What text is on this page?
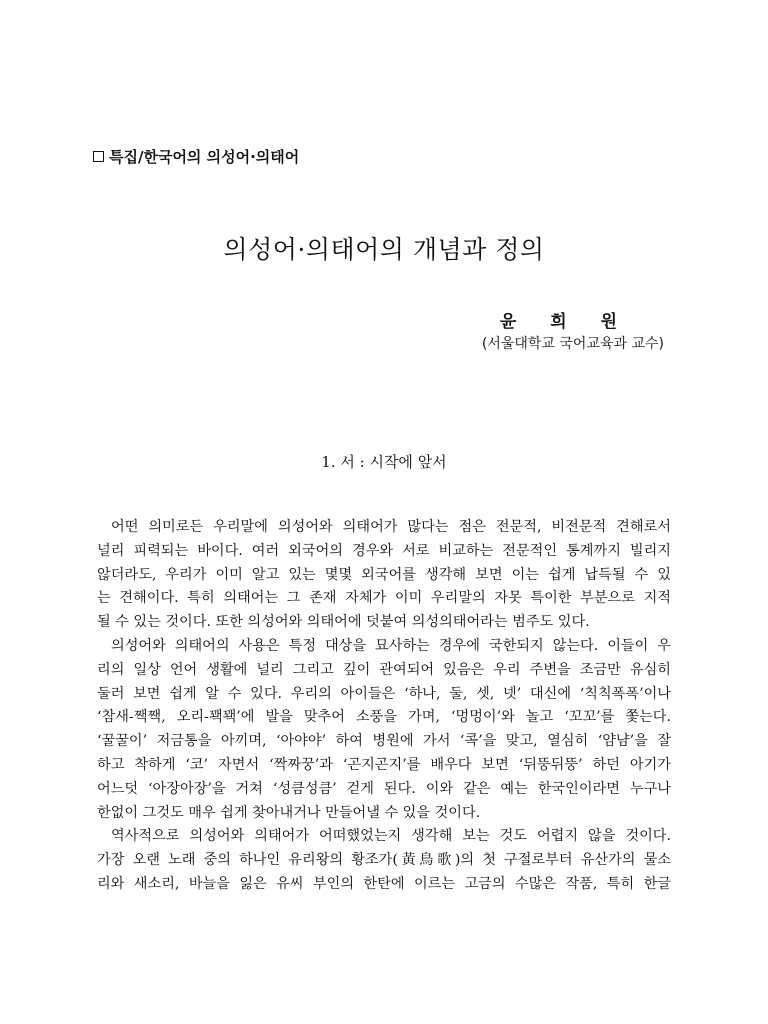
특집/한국어의 의성어·의태어
의성어·의태어의 개념과 정의
윤 희 원
(서울대학교 국어교육과 교수)
1. 서 : 시작에 앞서
어떤 의미로든 우리말에 의성어와 의태어가 많다는 점은 전문적, 비전문적 견해로서
널리 피력되는 바이다. 여러 외국어의 경우와 서로 비교하는 전문적인 통계까지 빌리지
않더라도, 우리가 이미 알고 있는 몇몇 외국어를 생각해 보면 이는 쉽게 납득될 수 있
는 견해이다. 특히 의태어는 그 존재 자체가 이미 우리말의 자못 특이한 부분으로 지적
될 수 있는 것이다. 또한 의성어와 의태어에 덧붙여 의성의태어라는 범주도 있다.
의성어와 의태어의 사용은 특정 대상을 묘사하는 경우에 국한되지 않는다. 이들이 우
리의 일상 언어 생활에 널리 그리고 깊이 관여되어 있음은 우리 주변을 조금만 유심히
둘러 보면 쉽게 알 수 있다. 우리의 아이들은 ‘하나, 둘, 셋, 넷’ 대신에 ‘칙칙폭폭’이나
‘참새-짹짹, 오리-꽥꽥’에 발을 맞추어 소풍을 가며, ‘멍멍이’와 놀고 ‘꼬꼬’를 쫓는다.
‘꿀꿀이’ 저금통을 아끼며, ‘아야야’ 하여 병원에 가서 ‘콕’을 맞고, 열심히 ‘얌냠’을 잘
하고 착하게 ‘코’ 자면서 ‘짝짜꿍’과 ‘곤지곤지’를 배우다 보면 ‘뒤뚱뒤뚱’ 하던 아기가
어느덧 ‘아장아장’을 거쳐 ‘성큼성큼’ 걷게 된다. 이와 같은 예는 한국인이라면 누구나
한없이 그것도 매우 쉽게 찾아내거나 만들어낼 수 있을 것이다.
역사적으로 의성어와 의태어가 어떠했었는지 생각해 보는 것도 어렵지 않을 것이다.
가장 오랜 노래 중의 하나인 유리왕의 황조가(黃鳥歌)의 첫 구절로부터 유산가의 물소
리와 새소리, 바늘을 잃은 유씨 부인의 한탄에 이르는 고금의 수많은 작품, 특히 한글
